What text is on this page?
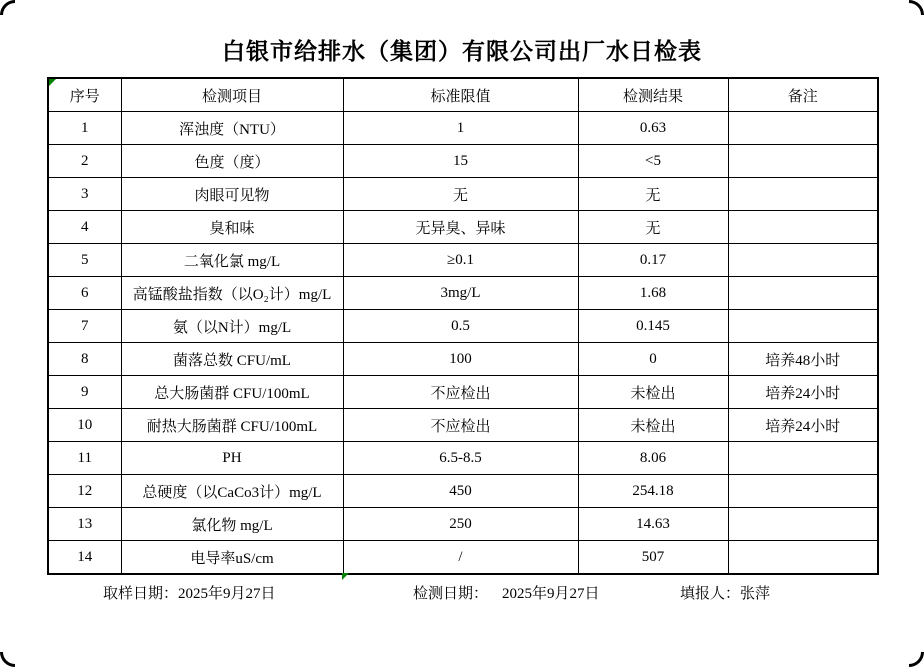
白银市给排水（集团）有限公司出厂水日检表
序号	检测项目	标准限值	检测结果	备注
1	浑浊度（NTU）	1	0.63	
2	色度（度）	15	<5	
3	肉眼可见物	无	无	
4	臭和味	无异臭、异味	无	
5	二氧化氯 mg/L	≥0.1	0.17	
6	高锰酸盐指数（以O₂计）mg/L	3mg/L	1.68	
7	氨（以N计）mg/L	0.5	0.145	
8	菌落总数 CFU/mL	100	0	培养48小时
9	总大肠菌群 CFU/100mL	不应检出	未检出	培养24小时
10	耐热大肠菌群 CFU/100mL	不应检出	未检出	培养24小时
11	PH	6.5-8.5	8.06	
12	总硬度（以CaCo3计）mg/L	450	254.18	
13	氯化物 mg/L	250	14.63	
14	电导率uS/cm	/	507	
取样日期：2025年9月27日	检测日期： 2025年9月27日	填报人：张萍
